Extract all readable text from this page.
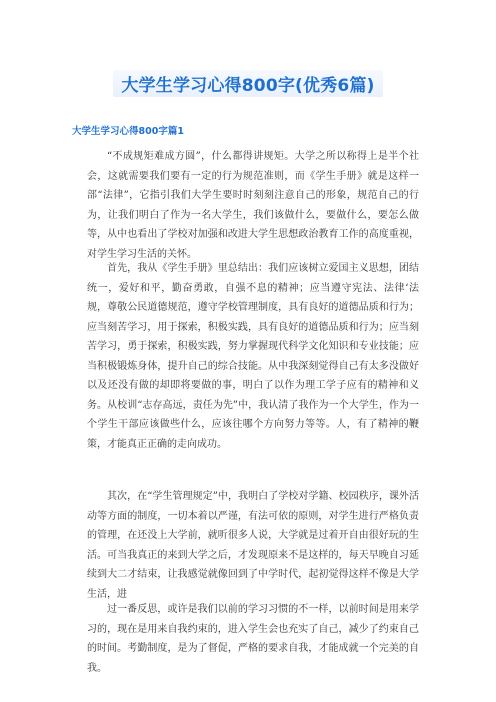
大学生学习心得800字(优秀6篇)
大学生学习心得800字篇1

“不成规矩难成方圆”，什么都得讲规矩。大学之所以称得上是半个社会，这就需要我们要有一定的行为规范准则，而《学生手册》就是这样一部“法律”，它指引我们大学生要时时刻刻注意自己的形象，规范自己的行为，让我们明白了作为一名大学生，我们该做什么，要做什么，要怎么做等，从中也看出了学校对加强和改进大学生思想政治教育工作的高度重视，对学生学习生活的关怀。

首先，我从《学生手册》里总结出：我们应该树立爱国主义思想，团结统一，爱好和平，勤奋勇敢，自强不息的精神；应当遵守宪法、法律‘法规，尊敬公民道德规范，遵守学校管理制度，具有良好的道德品质和行为；应当刻苦学习，用于探索，积极实践，具有良好的道德品质和行为；应当刻苦学习，勇于探索，积极实践，努力掌握现代科学文化知识和专业技能；应当积极锻炼身体，提升自己的综合技能。从中我深刻觉得自己有太多没做好以及还没有做的却即将要做的事，明白了以作为理工学子应有的精神和义务。从校训“志存高远，责任为先”中，我认清了我作为一个大学生，作为一个学生干部应该做些什么，应该往哪个方向努力等等。人，有了精神的鞭策，才能真正正确的走向成功。

其次，在“学生管理规定”中，我明白了学校对学籍、校园秩序，课外活动等方面的制度，一切本着以严谨，有法可依的原则，对学生进行严格负责的管理，在还没上大学前，就听很多人说，大学就是过着开自由很好玩的生活。可当我真正的来到大学之后，才发现原来不是这样的，每天早晚自习延续到大二才结束，让我感觉就像回到了中学时代，起初觉得这样不像是大学生活，进

过一番反思，或许是我们以前的学习习惯的不一样，以前时间是用来学习的，现在是用来自我约束的，进入学生会也充实了自己，减少了约束自己的时间。考勤制度，是为了督促，严格的要求自我，才能成就一个完美的自我。
